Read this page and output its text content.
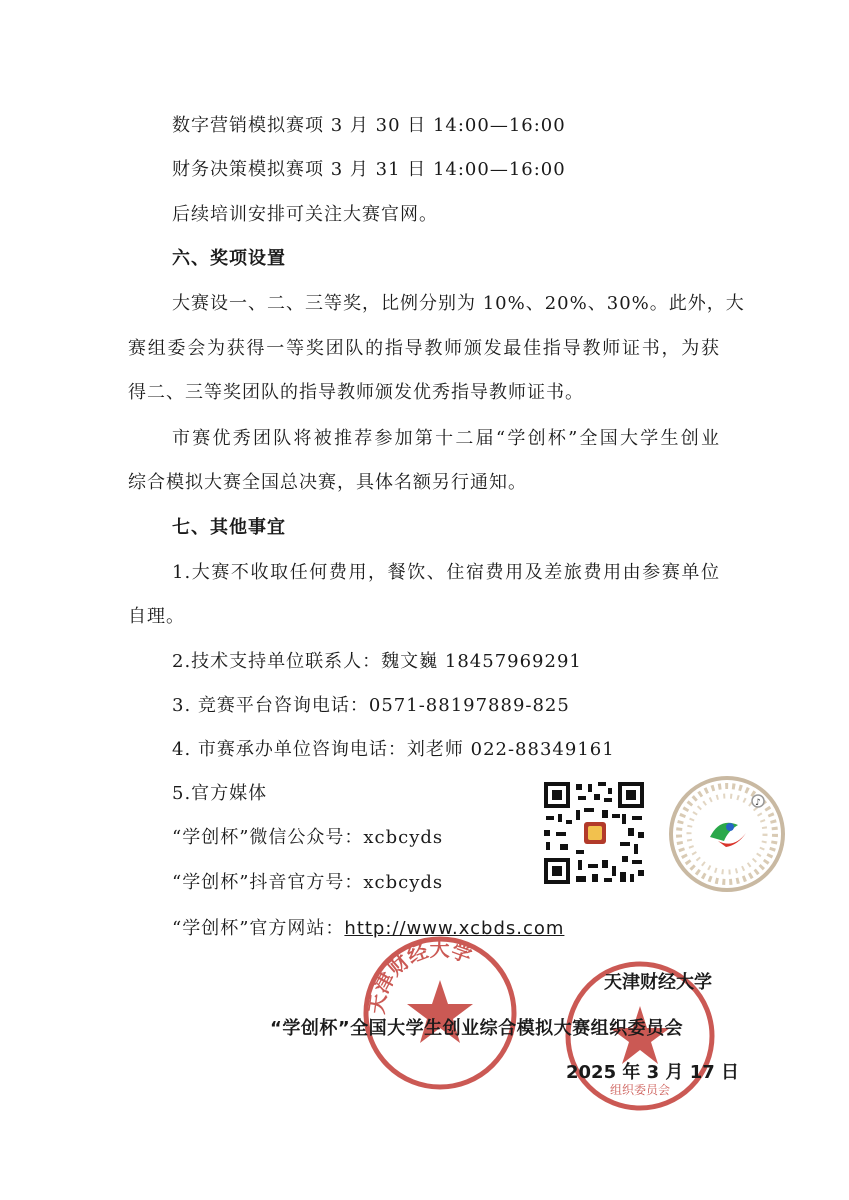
数字营销模拟赛项 3 月 30 日 14:00—16:00
财务决策模拟赛项 3 月 31 日 14:00—16:00
后续培训安排可关注大赛官网。
六、奖项设置
大赛设一、二、三等奖，比例分别为 10%、20%、30%。此外，大
赛组委会为获得一等奖团队的指导教师颁发最佳指导教师证书，为获
得二、三等奖团队的指导教师颁发优秀指导教师证书。
市赛优秀团队将被推荐参加第十二届“学创杯”全国大学生创业
综合模拟大赛全国总决赛，具体名额另行通知。
七、其他事宜
1.大赛不收取任何费用，餐饮、住宿费用及差旅费用由参赛单位
自理。
2.技术支持单位联系人：魏文巍 18457969291
3. 竞赛平台咨询电话：0571-88197889-825
4. 市赛承办单位咨询电话：刘老师 022-88349161
5.官方媒体
“学创杯”微信公众号：xcbcyds
“学创杯”抖音官方号：xcbcyds
“学创杯”官方网站：http://www.xcbds.com
♪
天津财经大学
组织委员会
天津财经大学
“学创杯”全国大学生创业综合模拟大赛组织委员会
2025 年 3 月 17 日
